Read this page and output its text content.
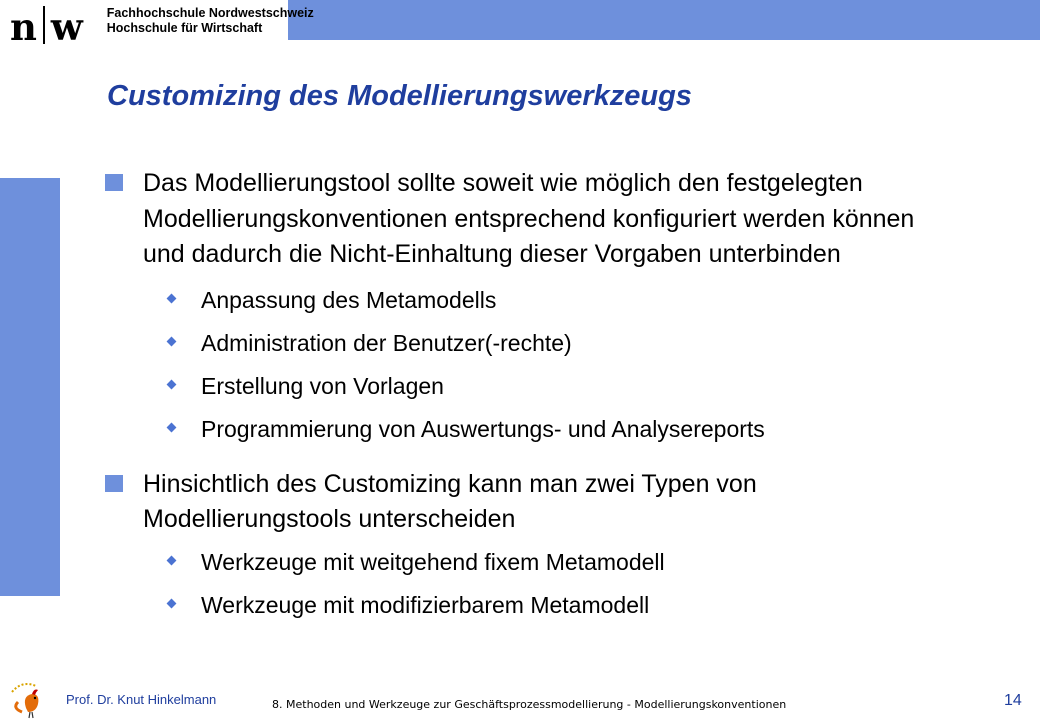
n w Fachhochschule Nordwestschweiz
Hochschule für Wirtschaft
Customizing des Modellierungswerkzeugs
Das Modellierungstool sollte soweit wie möglich den festgelegten Modellierungskonventionen entsprechend konfiguriert werden können und dadurch die Nicht-Einhaltung dieser Vorgaben unterbinden
Anpassung des Metamodells
Administration der Benutzer(-rechte)
Erstellung von Vorlagen
Programmierung von Auswertungs- und Analysereports
Hinsichtlich des Customizing kann man zwei Typen von Modellierungstools unterscheiden
Werkzeuge mit weitgehend fixem Metamodell
Werkzeuge mit modifizierbarem Metamodell
Prof. Dr. Knut Hinkelmann	8. Methoden und Werkzeuge zur Geschäftsprozessmodellierung - Modellierungskonventionen	14
